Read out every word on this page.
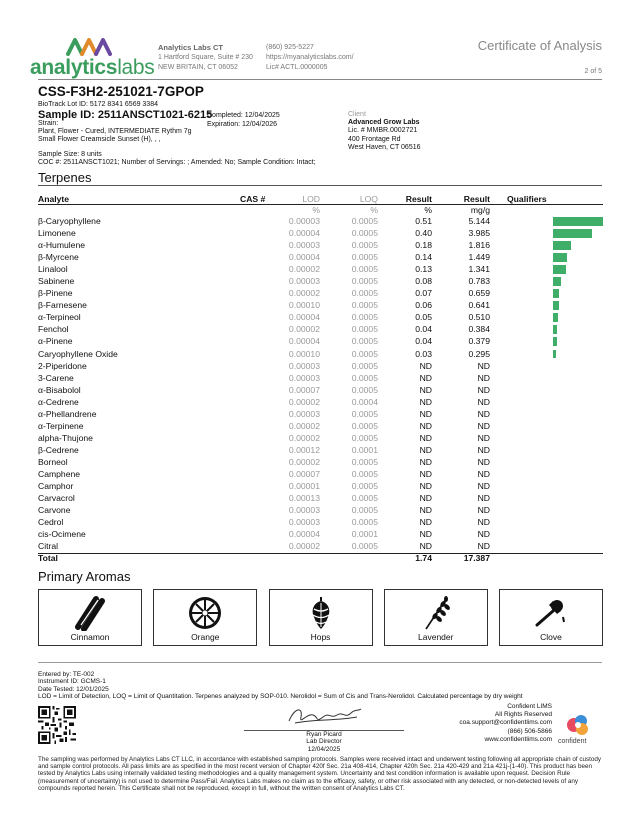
analyticslabs
Analytics Labs CT
1 Hartford Square, Suite # 230
NEW BRITAIN, CT 06052
(860) 925-5227
https://myanalyticslabs.com/
Lic# ACTL.0000005
Certificate of Analysis
2 of 5
CSS-F3H2-251021-7GPOP
BioTrack Lot ID: 5172 8341 6569 3384
Sample ID: 2511ANSCT1021-6215
Completed: 12/04/2025
Expiration: 12/04/2026
Strain:
Plant, Flower - Cured, INTERMEDIATE Rythm 7g
Small Flower Creamsicle Sunset (H), , ,
Client
Advanced Grow Labs
Lic. # MMBR.0002721
400 Frontage Rd
West Haven, CT 06516
Sample Size: 8 units
COC #: 2511ANSCT1021; Number of Servings: ; Amended: No; Sample Condition: Intact;
Terpenes
Analyte	CAS #	LOD	LOQ	Result	Result Qualifiers
%	%	%	mg/g
β-Caryophyllene	0.00003	0.0005	0.51	5.144
Limonene	0.00004	0.0005	0.40	3.985
α-Humulene	0.00003	0.0005	0.18	1.816
β-Myrcene	0.00004	0.0005	0.14	1.449
Linalool	0.00002	0.0005	0.13	1.341
Sabinene	0.00003	0.0005	0.08	0.783
β-Pinene	0.00002	0.0005	0.07	0.659
β-Farnesene	0.00010	0.0005	0.06	0.641
α-Terpineol	0.00004	0.0005	0.05	0.510
Fenchol	0.00002	0.0005	0.04	0.384
α-Pinene	0.00004	0.0005	0.04	0.379
Caryophyllene Oxide	0.00010	0.0005	0.03	0.295
2-Piperidone	0.00003	0.0005	ND	ND
3-Carene	0.00003	0.0005	ND	ND
α-Bisabolol	0.00007	0.0005	ND	ND
α-Cedrene	0.00002	0.0004	ND	ND
α-Phellandrene	0.00003	0.0005	ND	ND
α-Terpinene	0.00002	0.0005	ND	ND
alpha-Thujone	0.00002	0.0005	ND	ND
β-Cedrene	0.00012	0.0001	ND	ND
Borneol	0.00002	0.0005	ND	ND
Camphene	0.00007	0.0005	ND	ND
Camphor	0.00001	0.0005	ND	ND
Carvacrol	0.00013	0.0005	ND	ND
Carvone	0.00003	0.0005	ND	ND
Cedrol	0.00003	0.0005	ND	ND
cis-Ocimene	0.00004	0.0001	ND	ND
Citral	0.00002	0.0005	ND	ND
Total	1.74	17.387
Primary Aromas
Cinnamon	Orange	Hops	Lavender	Clove
Entered by: TE-002
Instrument ID: GCMS-1
Date Tested: 12/01/2025
LOD = Limit of Detection, LOQ = Limit of Quantitation. Terpenes analyzed by SOP-010. Nerolidol = Sum of Cis and Trans-Nerolidol. Calculated percentage by dry weight
Ryan Picard
Lab Director
12/04/2025
Confident LIMS
All Rights Reserved
coa.support@confidentlims.com
(866) 506-5866
www.confidentlims.com confident
The sampling was performed by Analytics Labs CT LLC, in accordance with established sampling protocols. Samples were received intact and underwent testing following all appropriate chain of custody and sample control protocols. All pass limits are as specified in the most recent version of Chapter 420f Sec. 21a 408-414, Chapter 420h Sec. 21a 420-429 and 21a 421j-(1-40). This product has been tested by Analytics Labs using internally validated testing methodologies and a quality management system. Uncertainty and test condition information is available upon request. Decision Rule (measurement of uncertainty) is not used to determine Pass/Fail. Analytics Labs makes no claim as to the efficacy, safety, or other risk associated with any detected, or non-detected levels of any compounds reported herein. This Certificate shall not be reproduced, except in full, without the written consent of Analytics Labs CT.
